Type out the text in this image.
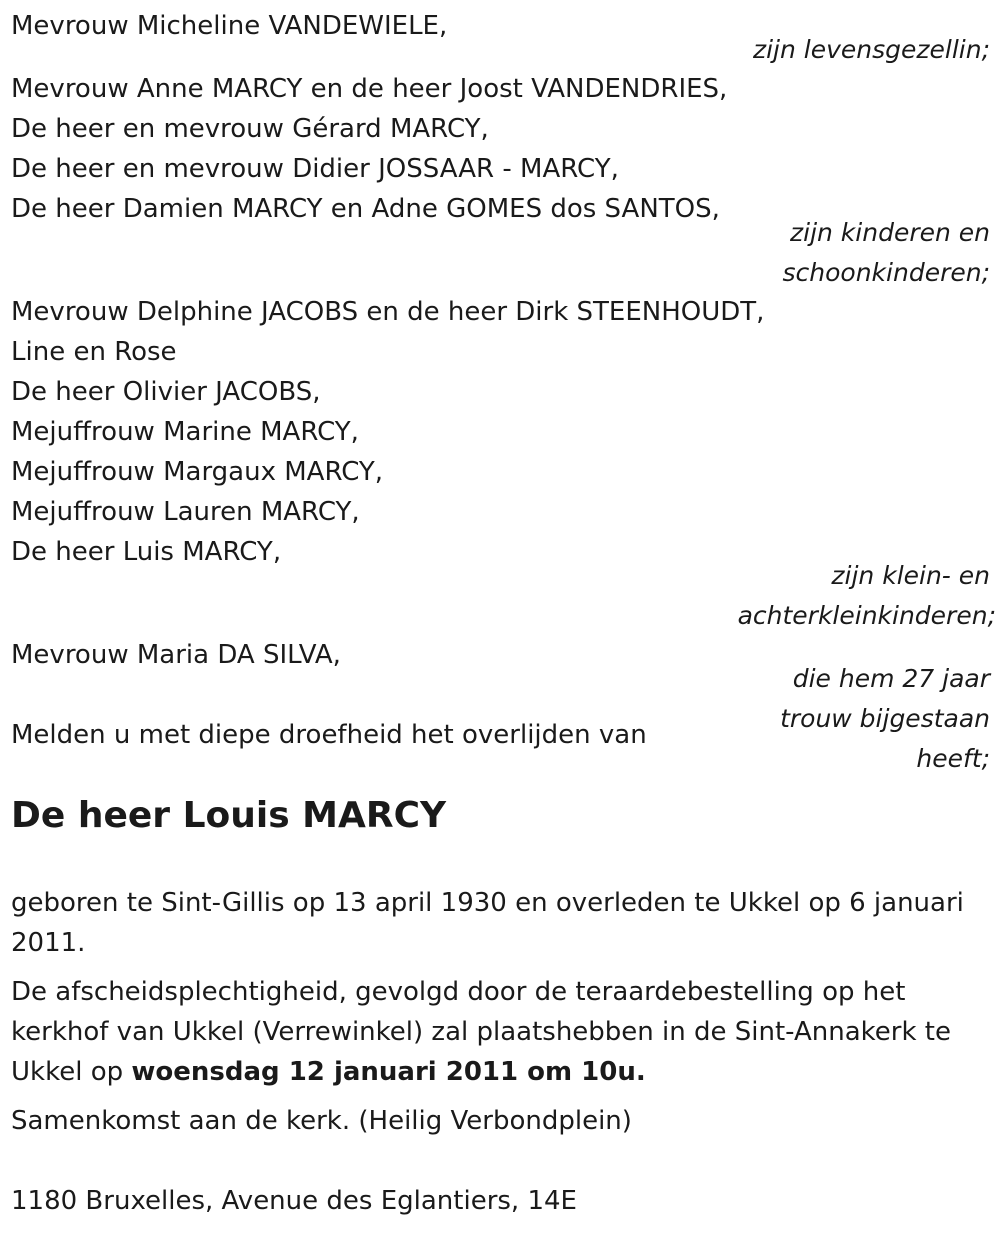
Mevrouw Micheline VANDEWIELE,
zijn levensgezellin;
Mevrouw Anne MARCY en de heer Joost VANDENDRIES,
De heer en mevrouw Gérard MARCY,
De heer en mevrouw Didier JOSSAAR - MARCY,
De heer Damien MARCY en Adne GOMES dos SANTOS,
zijn kinderen en
schoonkinderen;
Mevrouw Delphine JACOBS en de heer Dirk STEENHOUDT,
Line en Rose
De heer Olivier JACOBS,
Mejuffrouw Marine MARCY,
Mejuffrouw Margaux MARCY,
Mejuffrouw Lauren MARCY,
De heer Luis MARCY,
zijn klein- en
achterkleinkinderen;
Mevrouw Maria DA SILVA,
die hem 27 jaar
trouw bijgestaan
heeft;
Melden u met diepe droefheid het overlijden van
De heer Louis MARCY
geboren te Sint-Gillis op 13 april 1930 en overleden te Ukkel op 6 januari 2011.
De afscheidsplechtigheid, gevolgd door de teraardebestelling op het kerkhof van Ukkel (Verrewinkel) zal plaatshebben in de Sint-Annakerk te Ukkel op woensdag 12 januari 2011 om 10u.
Samenkomst aan de kerk. (Heilig Verbondplein)
1180 Bruxelles, Avenue des Eglantiers, 14E
